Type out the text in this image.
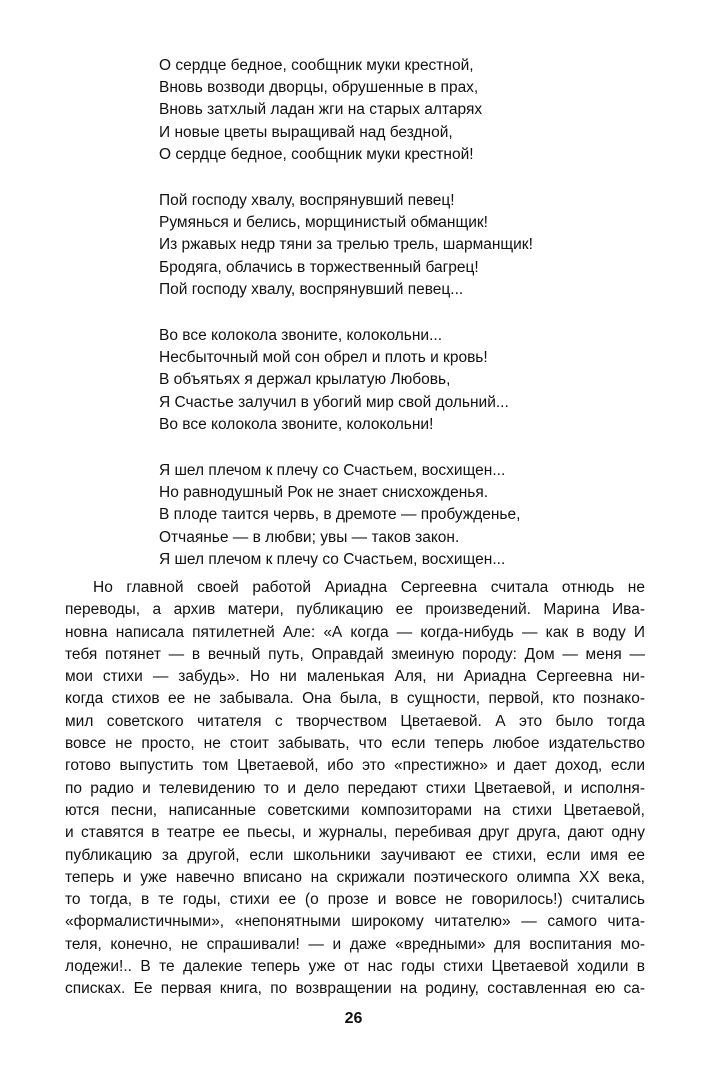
О сердце бедное, сообщник муки крестной,
Вновь возводи дворцы, обрушенные в прах,
Вновь затхлый ладан жги на старых алтарях
И новые цветы выращивай над бездной,
О сердце бедное, сообщник муки крестной!
Пой господу хвалу, воспрянувший певец!
Румянься и белись, морщинистый обманщик!
Из ржавых недр тяни за трелью трель, шарманщик!
Бродяга, облачись в торжественный багрец!
Пой господу хвалу, воспрянувший певец...
Во все колокола звоните, колокольни...
Несбыточный мой сон обрел и плоть и кровь!
В объятьях я держал крылатую Любовь,
Я Счастье залучил в убогий мир свой дольний...
Во все колокола звоните, колокольни!
Я шел плечом к плечу со Счастьем, восхищен...
Но равнодушный Рок не знает снисхожденья.
В плоде таится червь, в дремоте — пробужденье,
Отчаянье — в любви; увы — таков закон.
Я шел плечом к плечу со Счастьем, восхищен...
Но главной своей работой Ариадна Сергеевна считала отнюдь не
переводы, а архив матери, публикацию ее произведений. Марина Ива-
новна написала пятилетней Але: «А когда — когда-нибудь — как в воду И
тебя потянет — в вечный путь, Оправдай змеиную породу: Дом — меня —
мои стихи — забудь». Но ни маленькая Аля, ни Ариадна Сергеевна ни-
когда стихов ее не забывала. Она была, в сущности, первой, кто познако-
мил советского читателя с творчеством Цветаевой. А это было тогда
вовсе не просто, не стоит забывать, что если теперь любое издательство
готово выпустить том Цветаевой, ибо это «престижно» и дает доход, если
по радио и телевидению то и дело передают стихи Цветаевой, и исполня-
ются песни, написанные советскими композиторами на стихи Цветаевой,
и ставятся в театре ее пьесы, и журналы, перебивая друг друга, дают одну
публикацию за другой, если школьники заучивают ее стихи, если имя ее
теперь и уже навечно вписано на скрижали поэтического олимпа XX века,
то тогда, в те годы, стихи ее (о прозе и вовсе не говорилось!) считались
«формалистичными», «непонятными широкому читателю» — самого чита-
теля, конечно, не спрашивали! — и даже «вредными» для воспитания мо-
лодежи!.. В те далекие теперь уже от нас годы стихи Цветаевой ходили в
списках. Ее первая книга, по возвращении на родину, составленная ею са-
26
